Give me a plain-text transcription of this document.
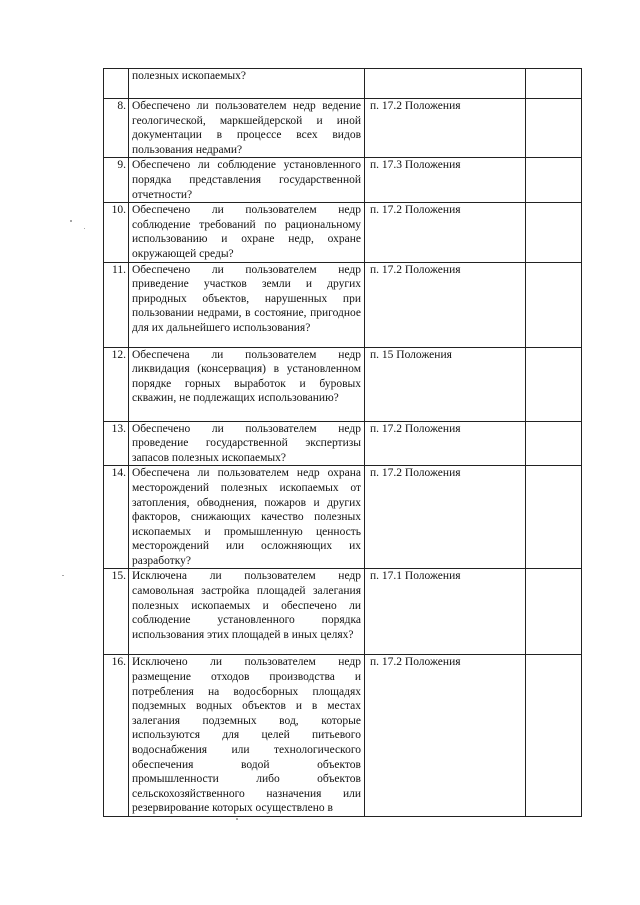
	полезных ископаемых?		
8.	Обеспечено ли пользователем недр ведение геологической, маркшейдерской и иной документации в процессе всех видов пользования недрами?	п. 17.2 Положения	
9.	Обеспечено ли соблюдение установленного порядка представления государственной отчетности?	п. 17.3 Положения	
10.	Обеспечено ли пользователем недр соблюдение требований по рациональному использованию и охране недр, охране окружающей среды?	п. 17.2 Положения	
11.	Обеспечено ли пользователем недр приведение участков земли и других природных объектов, нарушенных при пользовании недрами, в состояние, пригодное для их дальнейшего использования?	п. 17.2 Положения	
12.	Обеспечена ли пользователем недр ликвидация (консервация) в установленном порядке горных выработок и буровых скважин, не подлежащих использованию?	п. 15 Положения	
13.	Обеспечено ли пользователем недр проведение государственной экспертизы запасов полезных ископаемых?	п. 17.2 Положения	
14.	Обеспечена ли пользователем недр охрана месторождений полезных ископаемых от затопления, обводнения, пожаров и других факторов, снижающих качество полезных ископаемых и промышленную ценность месторождений или осложняющих их разработку?	п. 17.2 Положения	
15.	Исключена ли пользователем недр самовольная застройка площадей залегания полезных ископаемых и обеспечено ли соблюдение установленного порядка использования этих площадей в иных целях?	п. 17.1 Положения	
16.	Исключено ли пользователем недр размещение отходов производства и потребления на водосборных площадях подземных водных объектов и в местах залегания подземных вод, которые используются для целей питьевого водоснабжения или технологического обеспечения водой объектов промышленности либо объектов сельскохозяйственного назначения или резервирование которых осуществлено в	п. 17.2 Положения	
